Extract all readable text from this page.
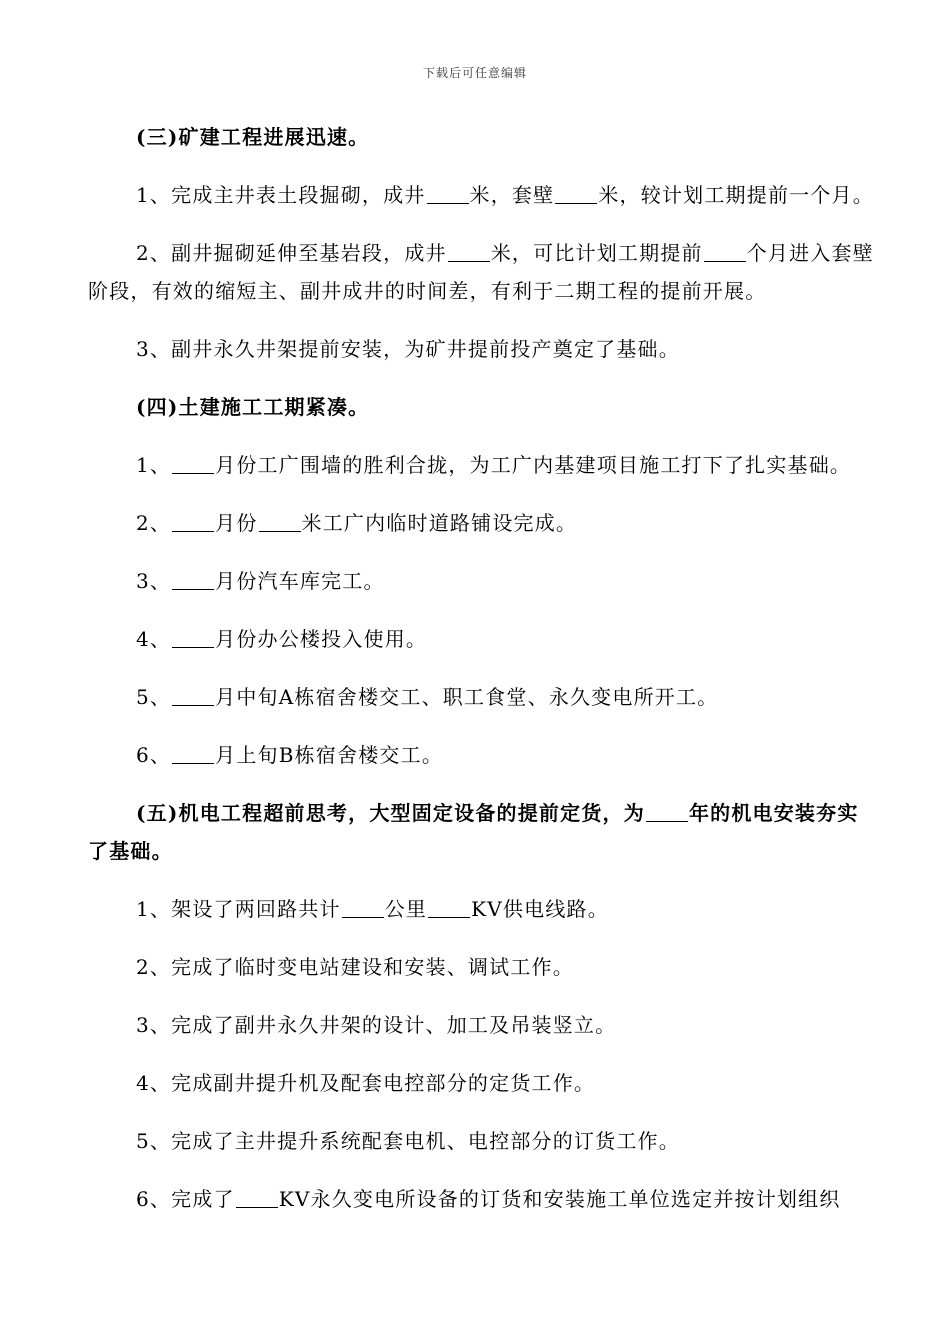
下载后可任意编辑

(三)矿建工程进展迅速。

1、完成主井表土段掘砌，成井 米，套壁 米，较计划工期提前一个月。

2、副井掘砌延伸至基岩段，成井 米，可比计划工期提前 个月进入套壁阶段，有效的缩短主、副井成井的时间差，有利于二期工程的提前开展。

3、副井永久井架提前安装，为矿井提前投产奠定了基础。

(四)土建施工工期紧凑。

1、 月份工广围墙的胜利合拢，为工广内基建项目施工打下了扎实基础。

2、 月份 米工广内临时道路铺设完成。

3、 月份汽车库完工。

4、 月份办公楼投入使用。

5、 月中旬A栋宿舍楼交工、职工食堂、永久变电所开工。

6、 月上旬B栋宿舍楼交工。

(五)机电工程超前思考，大型固定设备的提前定货，为 年的机电安装夯实了基础。

1、架设了两回路共计 公里 KV供电线路。

2、完成了临时变电站建设和安装、调试工作。

3、完成了副井永久井架的设计、加工及吊装竖立。

4、完成副井提升机及配套电控部分的定货工作。

5、完成了主井提升系统配套电机、电控部分的订货工作。

6、完成了 KV永久变电所设备的订货和安装施工单位选定并按计划组织
